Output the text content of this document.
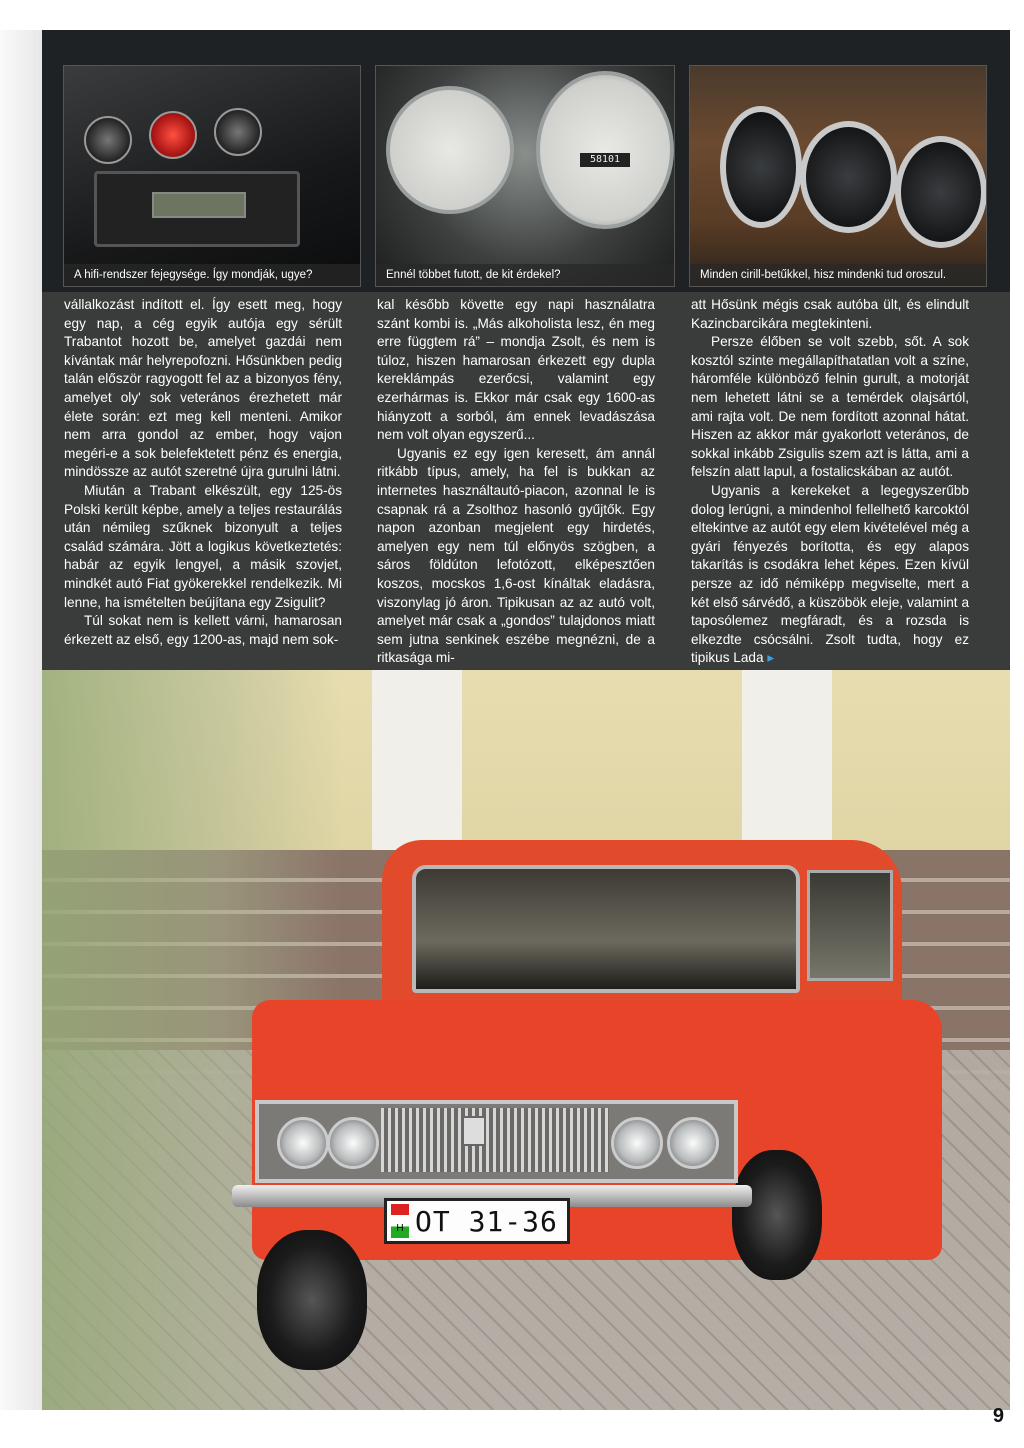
A hifi-rendszer fejegysége. Így mondják, ugye?
58101
Ennél többet futott, de kit érdekel?	Minden cirill-betűkkel, hisz mindenki tud oroszul.
H OT 31-36

vállalkozást indított el. Így esett meg, hogy egy nap, a cég egyik autója egy sérült Trabantot hozott be, amelyet gazdái nem kívántak már helyrepofozni. Hősünkben pedig talán először ragyogott fel az a bizonyos fény, amelyet oly' sok veterános érezhetett már élete során: ezt meg kell menteni. Amikor nem arra gondol az ember, hogy vajon megéri-e a sok belefektetett pénz és energia, mindössze az autót szeretné újra gurulni látni.

Miután a Trabant elkészült, egy 125-ös Polski került képbe, amely a teljes restaurálás után némileg szűknek bizonyult a teljes család számára. Jött a logikus következtetés: habár az egyik lengyel, a másik szovjet, mindkét autó Fiat gyökerekkel rendelkezik. Mi lenne, ha ismételten beújítana egy Zsigulit?

Túl sokat nem is kellett várni, hamarosan érkezett az első, egy 1200-as, majd nem sok-

kal később követte egy napi használatra szánt kombi is. „Más alkoholista lesz, én meg erre függtem rá” – mondja Zsolt, és nem is túloz, hiszen hamarosan érkezett egy dupla kereklámpás ezerőcsi, valamint egy ezerhármas is. Ekkor már csak egy 1600-as hiányzott a sorból, ám ennek levadászása nem volt olyan egyszerű...

Ugyanis ez egy igen keresett, ám annál ritkább típus, amely, ha fel is bukkan az internetes használtautó-piacon, azonnal le is csapnak rá a Zsolthoz hasonló gyűjtők. Egy napon azonban megjelent egy hirdetés, amelyen egy nem túl előnyös szögben, a sáros földúton lefotózott, elképesztően koszos, mocskos 1,6-ost kínáltak eladásra, viszonylag jó áron. Tipikusan az az autó volt, amelyet már csak a „gondos” tulajdonos miatt sem jutna senkinek eszébe megnézni, de a ritkasága mi-

att Hősünk mégis csak autóba ült, és elindult Kazincbarcikára megtekinteni.

Persze élőben se volt szebb, sőt. A sok kosztól szinte megállapíthatatlan volt a színe, háromféle különböző felnin gurult, a motorját nem lehetett látni se a temérdek olajsártól, ami rajta volt. De nem fordított azonnal hátat. Hiszen az akkor már gyakorlott veterános, de sokkal inkább Zsigulis szem azt is látta, ami a felszín alatt lapul, a fostalicskában az autót.

Ugyanis a kerekeket a legegyszerűbb dolog lerúgni, a mindenhol fellelhető karcoktól eltekintve az autót egy elem kivételével még a gyári fényezés borította, és egy alapos takarítás is csodákra lehet képes. Ezen kívül persze az idő némiképp megviselte, mert a két első sárvédő, a küszöbök eleje, valamint a taposólemez megfáradt, és a rozsda is elkezdte csócsálni. Zsolt tudta, hogy ez tipikus Lada ▸

9
